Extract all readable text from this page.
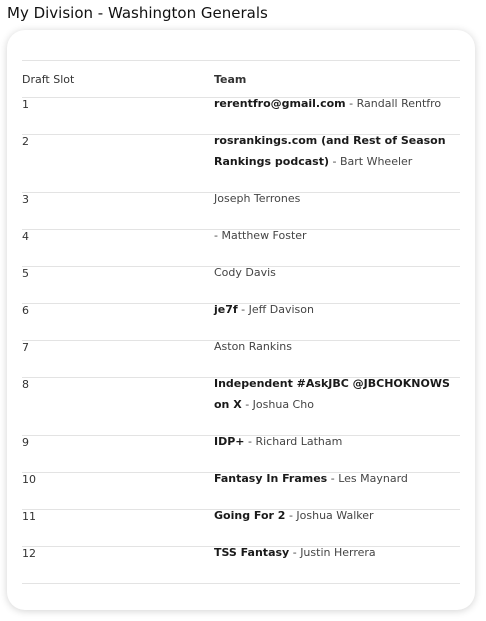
My Division - Washington Generals
Draft Slot	Team
1	rerentfro@gmail.com - Randall Rentfro

2	rosrankings.com (and Rest of Season Rankings podcast) - Bart Wheeler

3	Joseph Terrones

4	- Matthew Foster

5	Cody Davis

6	je7f - Jeff Davison

7	Aston Rankins

8	Independent #AskJBC @JBCHOKNOWS on X - Joshua Cho

9	IDP+ - Richard Latham

10	Fantasy In Frames - Les Maynard

11	Going For 2 - Joshua Walker

12	TSS Fantasy - Justin Herrera
